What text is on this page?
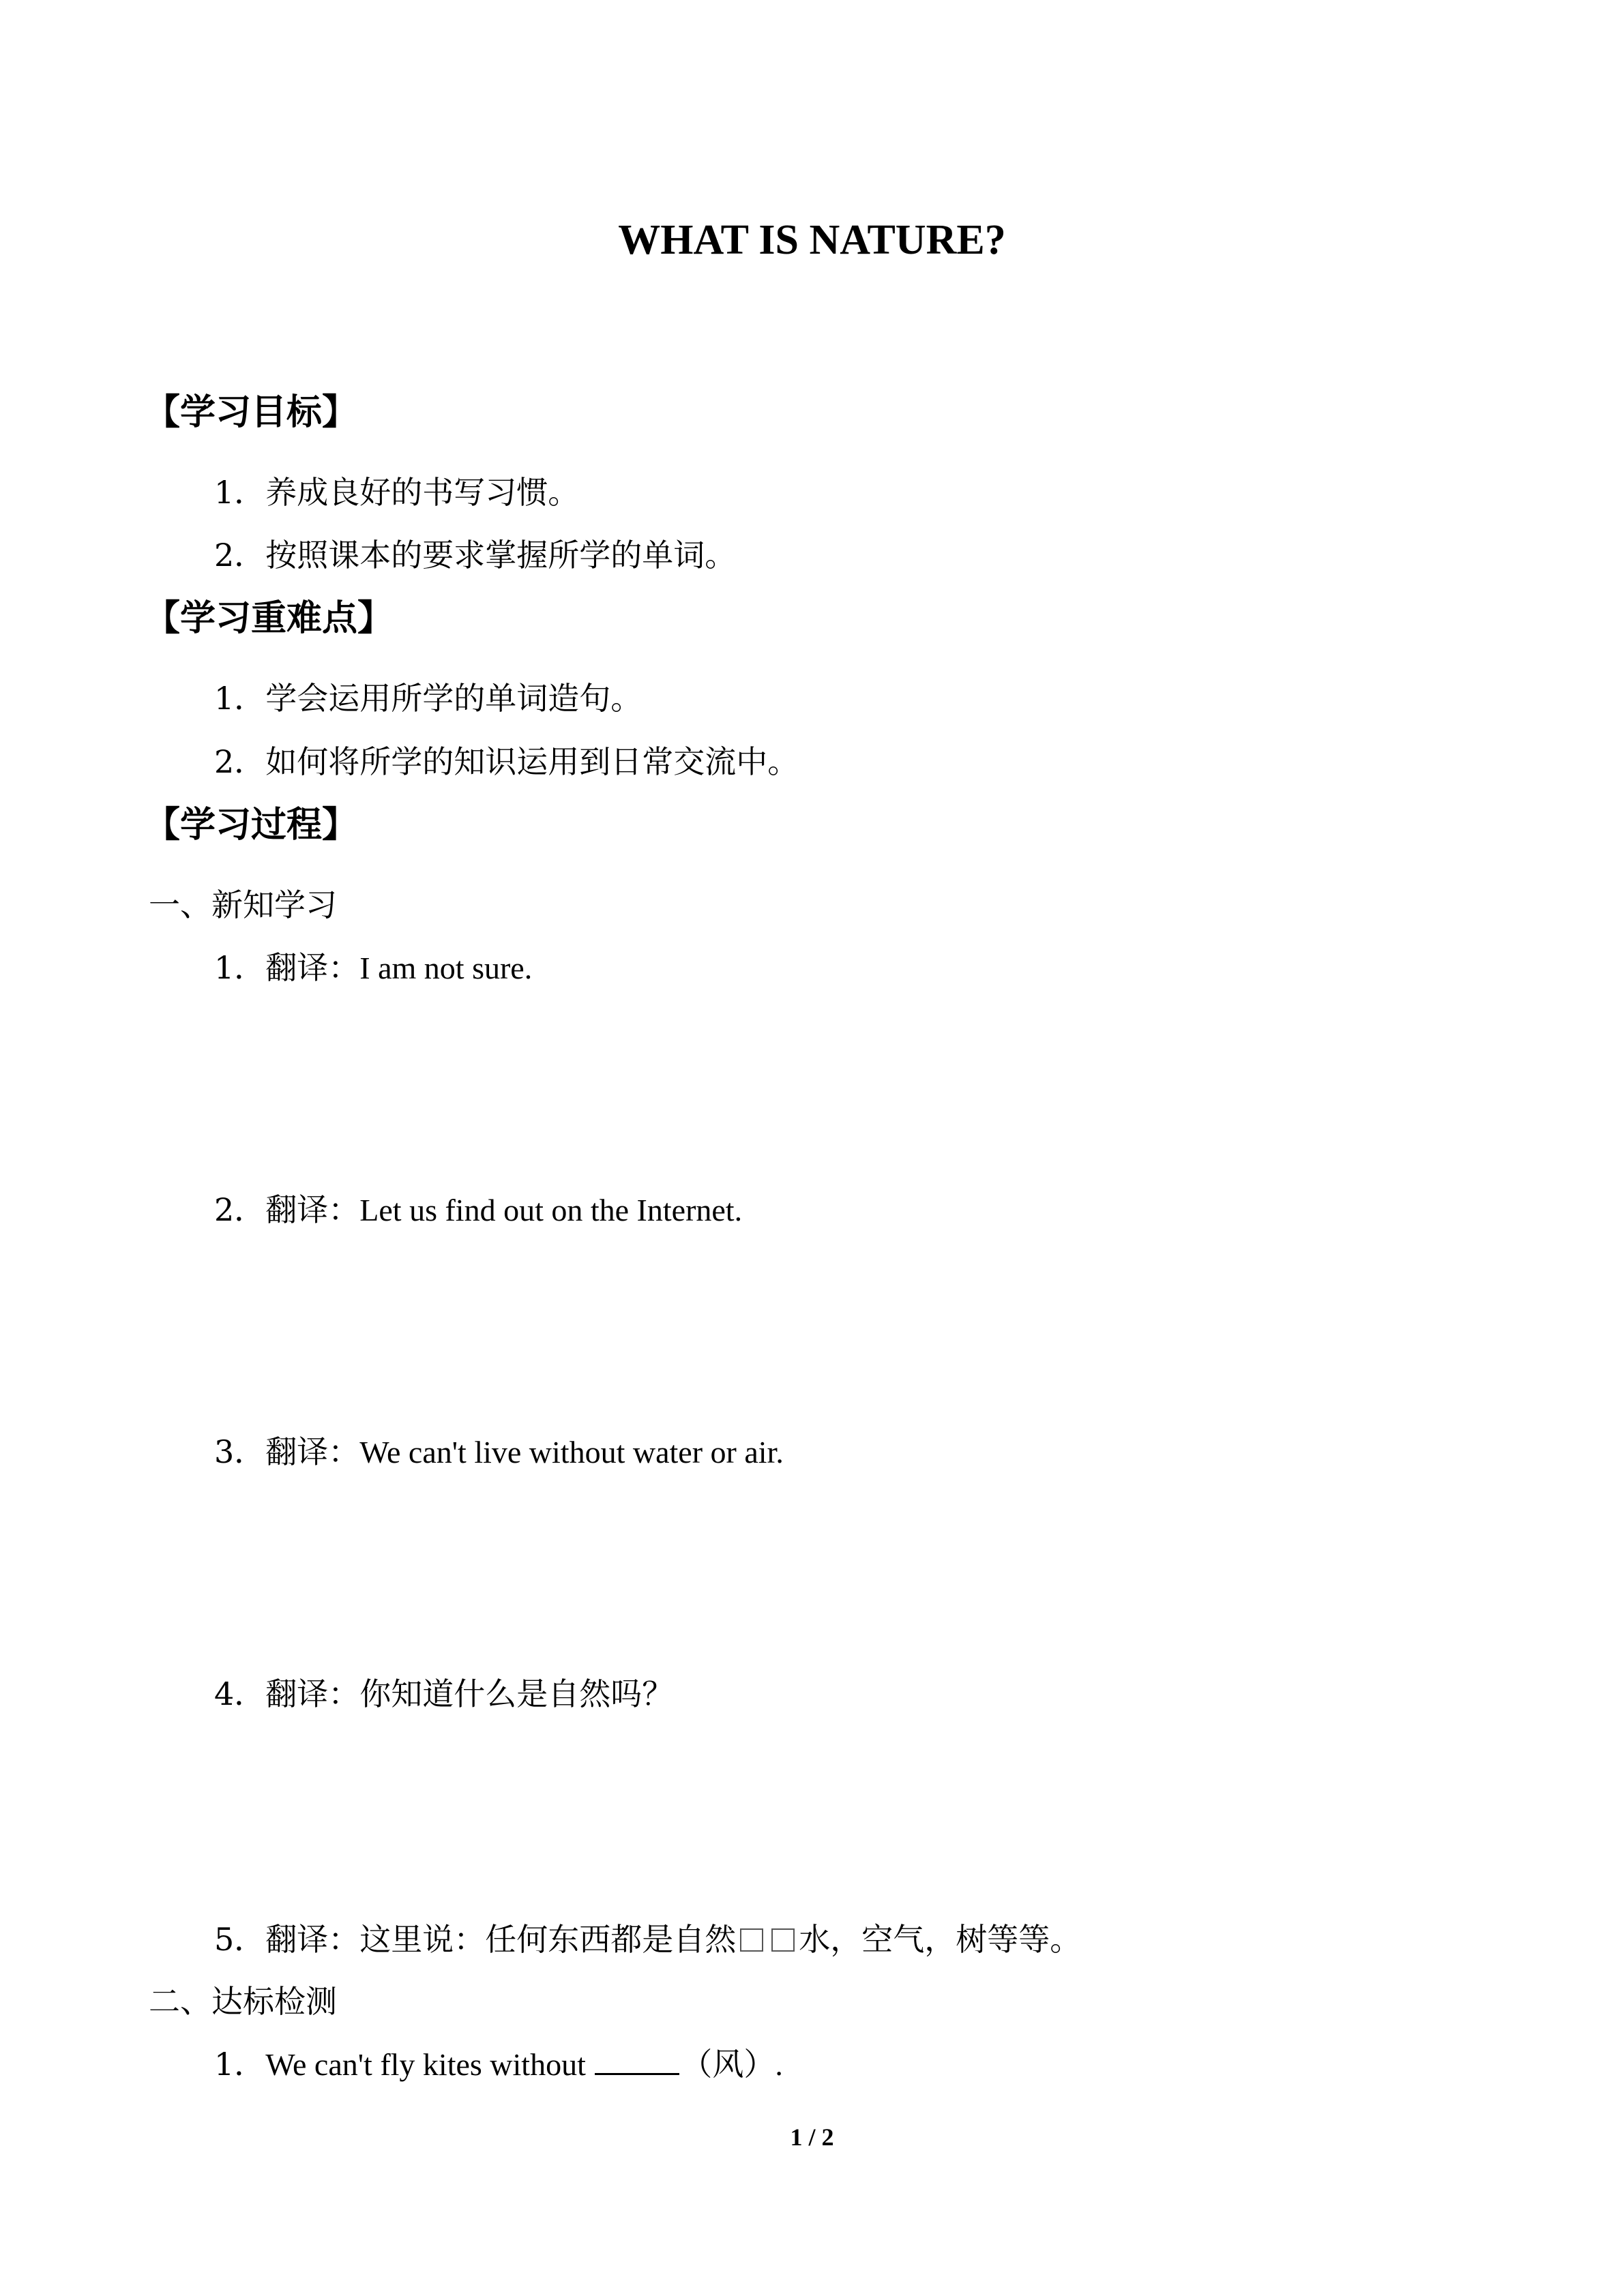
WHAT IS NATURE?
【学习目标】
1．养成良好的书写习惯。
2．按照课本的要求掌握所学的单词。
【学习重难点】
1．学会运用所学的单词造句。
2．如何将所学的知识运用到日常交流中。
【学习过程】
一、新知学习
1．翻译：I am not sure.
2．翻译：Let us find out on the Internet.
3．翻译：We can't live without water or air.
4．翻译：你知道什么是自然吗？
5．翻译：这里说：任何东西都是自然 水，空气，树等等。
二、达标检测
1．We can't fly kites without	（风）.
1 / 2
